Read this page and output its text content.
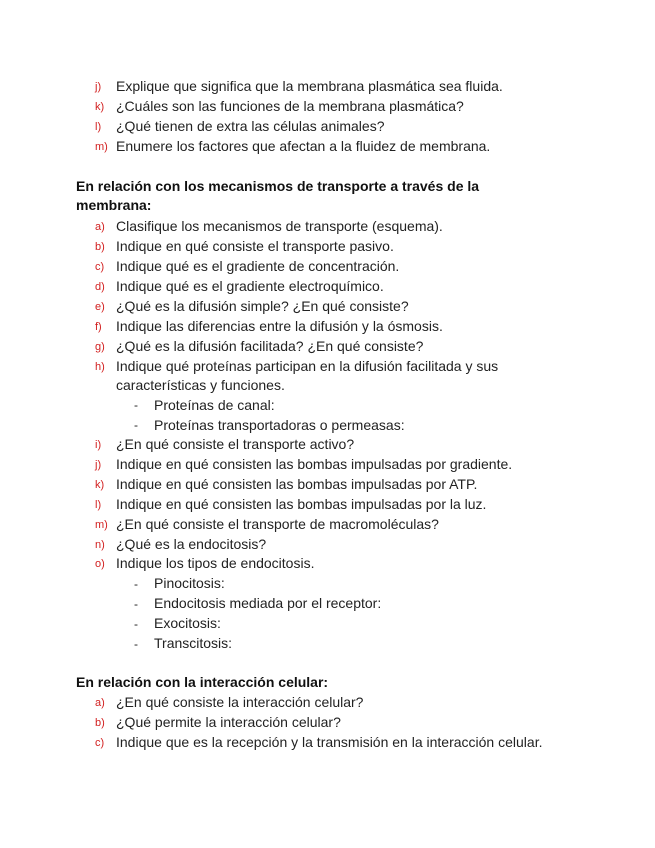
j) Explique que significa que la membrana plasmática sea fluida.
k) ¿Cuáles son las funciones de la membrana plasmática?
l) ¿Qué tienen de extra las células animales?
m) Enumere los factores que afectan a la fluidez de membrana.
En relación con los mecanismos de transporte a través de la
membrana:
a) Clasifique los mecanismos de transporte (esquema).
b) Indique en qué consiste el transporte pasivo.
c) Indique qué es el gradiente de concentración.
d) Indique qué es el gradiente electroquímico.
e) ¿Qué es la difusión simple? ¿En qué consiste?
f) Indique las diferencias entre la difusión y la ósmosis.
g) ¿Qué es la difusión facilitada? ¿En qué consiste?
h) Indique qué proteínas participan en la difusión facilitada y sus
características y funciones.
- Proteínas de canal:
- Proteínas transportadoras o permeasas:
i) ¿En qué consiste el transporte activo?
j) Indique en qué consisten las bombas impulsadas por gradiente.
k) Indique en qué consisten las bombas impulsadas por ATP.
l) Indique en qué consisten las bombas impulsadas por la luz.
m) ¿En qué consiste el transporte de macromoléculas?
n) ¿Qué es la endocitosis?
o) Indique los tipos de endocitosis.
- Pinocitosis:
- Endocitosis mediada por el receptor:
- Exocitosis:
- Transcitosis:
En relación con la interacción celular:
a) ¿En qué consiste la interacción celular?
b) ¿Qué permite la interacción celular?
c) Indique que es la recepción y la transmisión en la interacción celular.
